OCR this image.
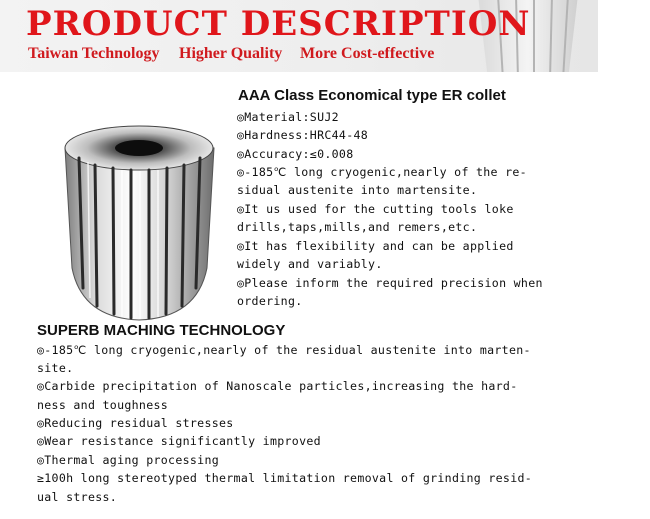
PRODUCT DESCRIPTION
Taiwan Technology Higher Quality More Cost-effective
AAA Class Economical type ER collet
◎Material:SUJ2
◎Hardness:HRC44-48
◎Accuracy:≤0.008
◎-185℃ long cryogenic,nearly of the re-
sidual austenite into martensite.
◎It us used for the cutting tools loke
drills,taps,mills,and remers,etc.
◎It has flexibility and can be applied
widely and variably.
◎Please inform the required precision when
ordering.
SUPERB MACHING TECHNOLOGY
◎-185℃ long cryogenic,nearly of the residual austenite into marten-
site.
◎Carbide precipitation of Nanoscale particles,increasing the hard-
ness and toughness
◎Reducing residual stresses
◎Wear resistance significantly improved
◎Thermal aging processing
≥100h long stereotyped thermal limitation removal of grinding resid-
ual stress.
